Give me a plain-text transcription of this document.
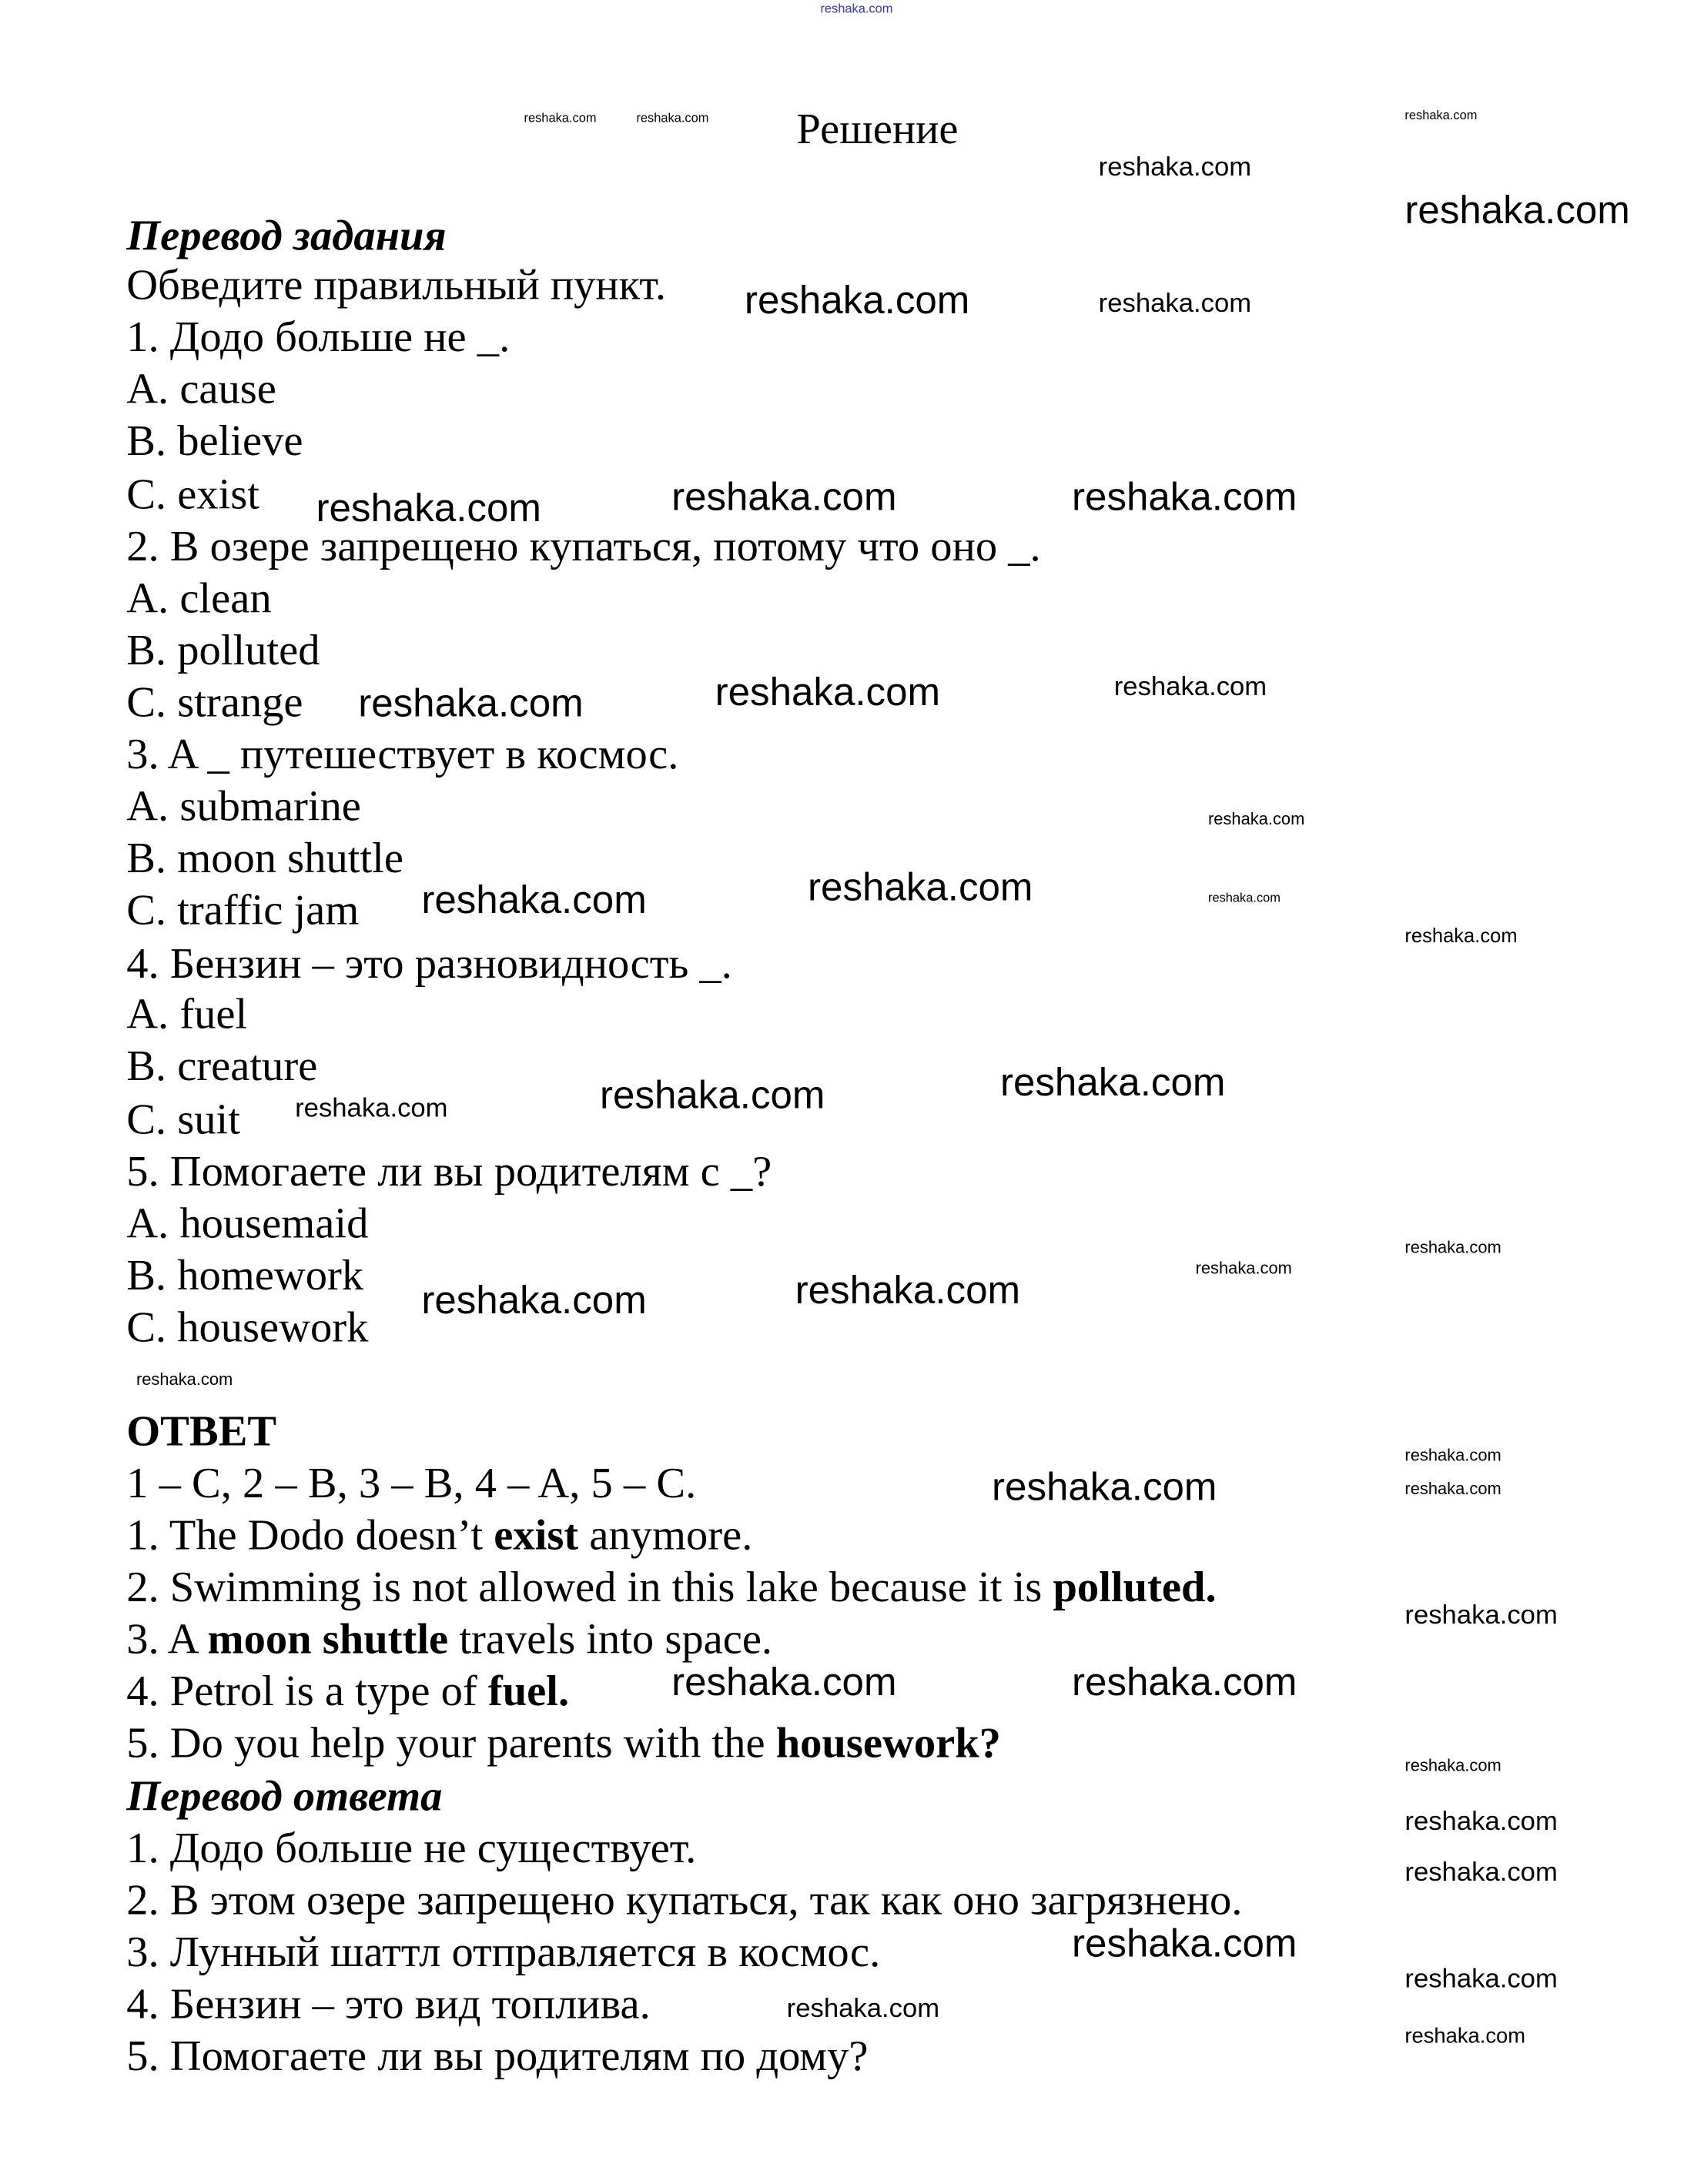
Решение
Перевод задания
Обведите правильный пункт.
1. Додо больше не _.
A. cause
B. believe
C. exist
2. В озере запрещено купаться, потому что оно _.
A. clean
B. polluted
C. strange
3. A _ путешествует в космос.
A. submarine
B. moon shuttle
C. traffic jam
4. Бензин – это разновидность _.
A. fuel
B. creature
C. suit
5. Помогаете ли вы родителям с _?
A. housemaid
B. homework
C. housework
ОТВЕТ
1 – C, 2 – B, 3 – B, 4 – A, 5 – C.
1. The Dodo doesn’t exist anymore.
2. Swimming is not allowed in this lake because it is polluted.
3. A moon shuttle travels into space.
4. Petrol is a type of fuel.
5. Do you help your parents with the housework?
Перевод ответа
1. Додо больше не существует.
2. В этом озере запрещено купаться, так как оно загрязнено.
3. Лунный шаттл отправляется в космос.
4. Бензин – это вид топлива.
5. Помогаете ли вы родителям по дому?
reshaka.com
reshaka.com	reshaka.com	reshaka.com
reshaka.com
reshaka.com
reshaka.com	reshaka.com
reshaka.com	reshaka.com	reshaka.com
reshaka.com	reshaka.com	reshaka.com
reshaka.com
reshaka.com
reshaka.com	reshaka.com
reshaka.com
reshaka.com	reshaka.com	reshaka.com
reshaka.com
reshaka.com
reshaka.com	reshaka.com
reshaka.com
reshaka.com
reshaka.com
reshaka.com
reshaka.com
reshaka.com	reshaka.com
reshaka.com
reshaka.com
reshaka.com
reshaka.com
reshaka.com
reshaka.com
reshaka.com
